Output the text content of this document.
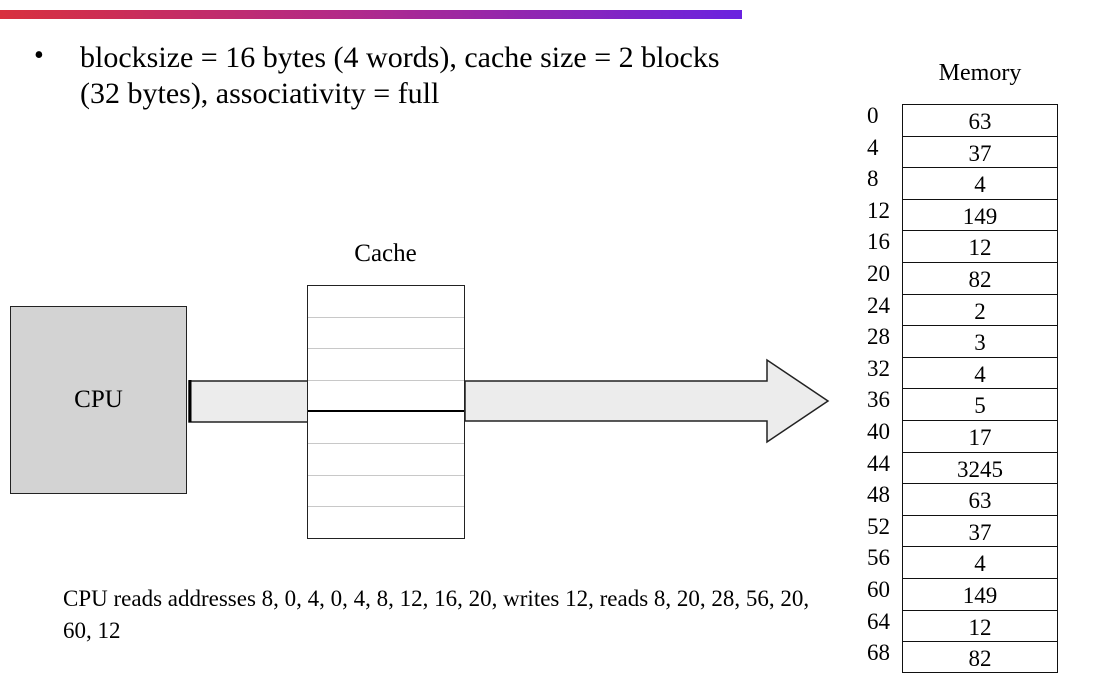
• blocksize = 16 bytes (4 words), cache size = 2 blocks (32 bytes), associativity = full
CPU
Cache
Memory
0	63
4	37
8	4
12	149
16	12
20	82
24	2
28	3
32	4
36	5
40	17
44	3245
48	63
52	37
56	4
60	149
64	12
68	82
CPU reads addresses 8, 0, 4, 0, 4, 8, 12, 16, 20, writes 12, reads 8, 20, 28, 56, 20, 60, 12
